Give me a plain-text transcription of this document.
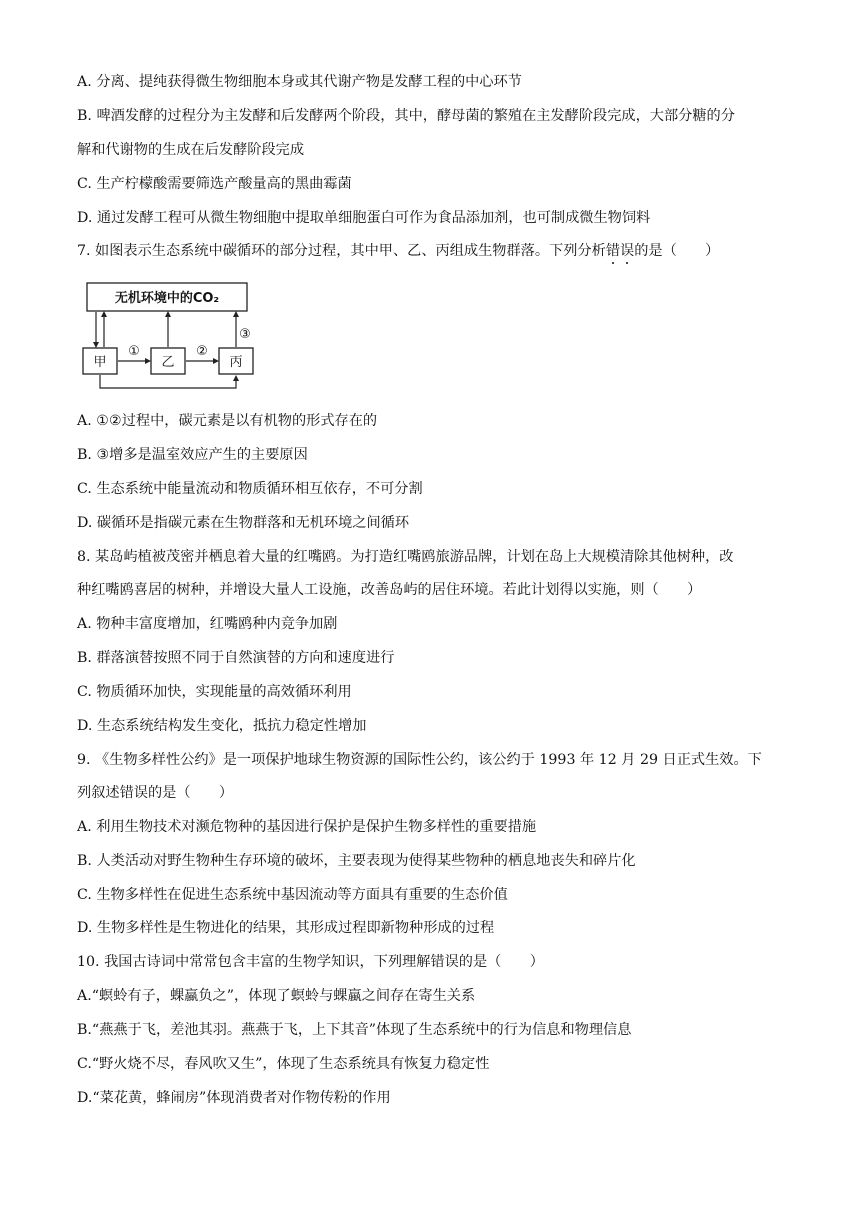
A. 分离、提纯获得微生物细胞本身或其代谢产物是发酵工程的中心环节
B. 啤酒发酵的过程分为主发酵和后发酵两个阶段，其中，酵母菌的繁殖在主发酵阶段完成，大部分糖的分
解和代谢物的生成在后发酵阶段完成
C. 生产柠檬酸需要筛选产酸量高的黑曲霉菌
D. 通过发酵工程可从微生物细胞中提取单细胞蛋白可作为食品添加剂，也可制成微生物饲料
7. 如图表示生态系统中碳循环的部分过程，其中甲、乙、丙组成生物群落。下列分析错误的是（　　）
无机环境中的CO₂
甲	乙	丙
③
①	②
A. ①②过程中，碳元素是以有机物的形式存在的
B. ③增多是温室效应产生的主要原因
C. 生态系统中能量流动和物质循环相互依存，不可分割
D. 碳循环是指碳元素在生物群落和无机环境之间循环
8. 某岛屿植被茂密并栖息着大量的红嘴鸥。为打造红嘴鸥旅游品牌，计划在岛上大规模清除其他树种，改
种红嘴鸥喜居的树种，并增设大量人工设施，改善岛屿的居住环境。若此计划得以实施，则（　　）
A. 物种丰富度增加，红嘴鸥种内竞争加剧
B. 群落演替按照不同于自然演替的方向和速度进行
C. 物质循环加快，实现能量的高效循环利用
D. 生态系统结构发生变化，抵抗力稳定性增加
9. 《生物多样性公约》是一项保护地球生物资源的国际性公约，该公约于 1993 年 12 月 29 日正式生效。下
列叙述错误的是（　　）
A. 利用生物技术对濒危物种的基因进行保护是保护生物多样性的重要措施
B. 人类活动对野生物种生存环境的破坏，主要表现为使得某些物种的栖息地丧失和碎片化
C. 生物多样性在促进生态系统中基因流动等方面具有重要的生态价值
D. 生物多样性是生物进化的结果，其形成过程即新物种形成的过程
10. 我国古诗词中常常包含丰富的生物学知识，下列理解错误的是（　　）
A.“螟蛉有子，蜾蠃负之”，体现了螟蛉与蜾蠃之间存在寄生关系
B.“燕燕于飞，差池其羽。燕燕于飞，上下其音”体现了生态系统中的行为信息和物理信息
C.“野火烧不尽，春风吹又生”，体现了生态系统具有恢复力稳定性
D.“菜花黄，蜂闹房”体现消费者对作物传粉的作用
